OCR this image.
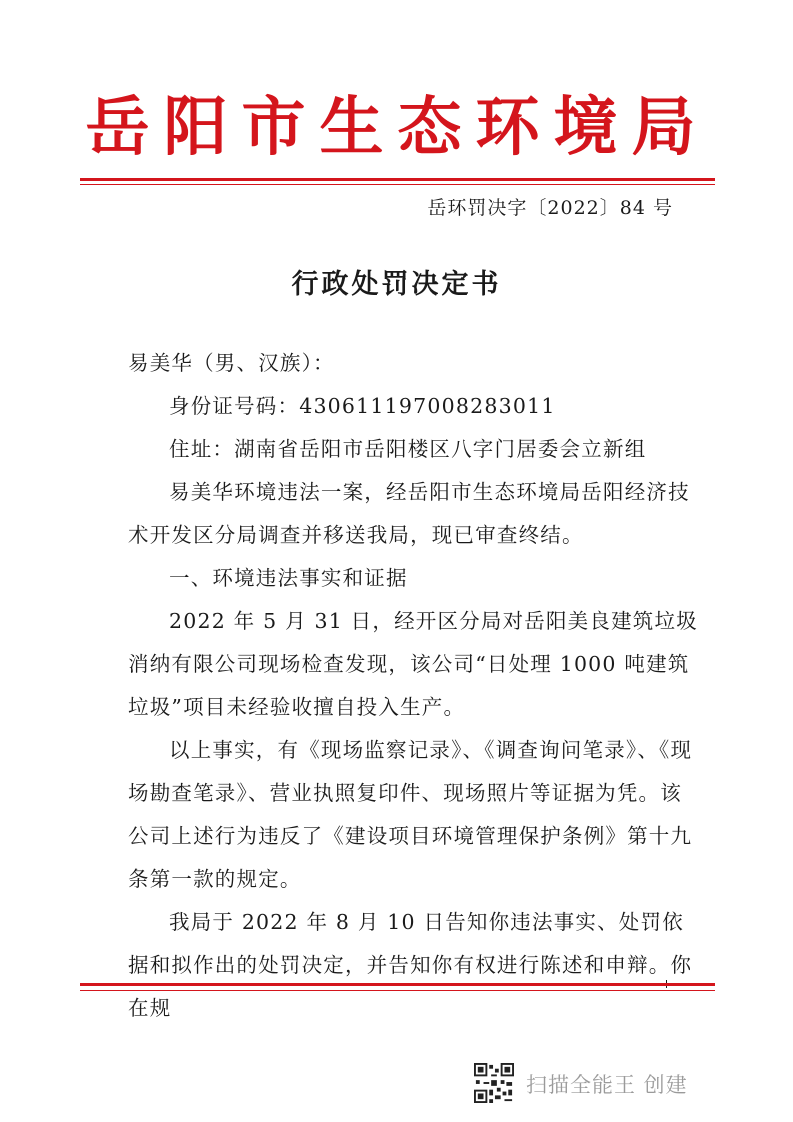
岳阳市生态环境局
岳环罚决字〔2022〕84 号
行政处罚决定书

易美华（男、汉族）：

身份证号码：430611197008283011

住址：湖南省岳阳市岳阳楼区八字门居委会立新组

易美华环境违法一案，经岳阳市生态环境局岳阳经济技术开发区分局调查并移送我局，现已审查终结。

一、环境违法事实和证据

2022 年 5 月 31 日，经开区分局对岳阳美良建筑垃圾消纳有限公司现场检查发现，该公司“日处理 1000 吨建筑垃圾”项目未经验收擅自投入生产。

以上事实，有《现场监察记录》、《调查询问笔录》、《现场勘查笔录》、营业执照复印件、现场照片等证据为凭。该公司上述行为违反了《建设项目环境管理保护条例》第十九条第一款的规定。

我局于 2022 年 8 月 10 日告知你违法事实、处罚依据和拟作出的处罚决定，并告知你有权进行陈述和申辩。你在规

扫描全能王 创建
